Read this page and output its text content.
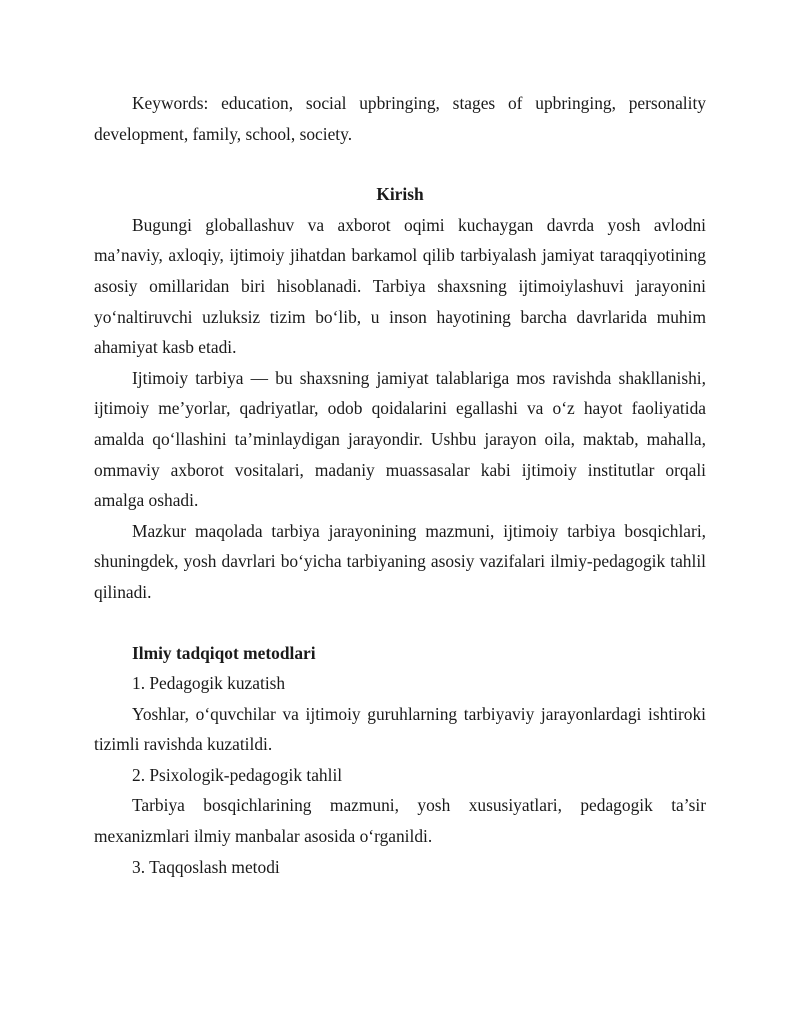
Keywords: education, social upbringing, stages of upbringing, personality development, family, school, society.

Kirish

Bugungi globallashuv va axborot oqimi kuchaygan davrda yosh avlodni ma’naviy, axloqiy, ijtimoiy jihatdan barkamol qilib tarbiyalash jamiyat taraqqiyotining asosiy omillaridan biri hisoblanadi. Tarbiya shaxsning ijtimoiylashuvi jarayonini yo‘naltiruvchi uzluksiz tizim bo‘lib, u inson hayotining barcha davrlarida muhim ahamiyat kasb etadi.

Ijtimoiy tarbiya — bu shaxsning jamiyat talablariga mos ravishda shakllanishi, ijtimoiy me’yorlar, qadriyatlar, odob qoidalarini egallashi va o‘z hayot faoliyatida amalda qo‘llashini ta’minlaydigan jarayondir. Ushbu jarayon oila, maktab, mahalla, ommaviy axborot vositalari, madaniy muassasalar kabi ijtimoiy institutlar orqali amalga oshadi.

Mazkur maqolada tarbiya jarayonining mazmuni, ijtimoiy tarbiya bosqichlari, shuningdek, yosh davrlari bo‘yicha tarbiyaning asosiy vazifalari ilmiy-pedagogik tahlil qilinadi.

Ilmiy tadqiqot metodlari

1. Pedagogik kuzatish

Yoshlar, o‘quvchilar va ijtimoiy guruhlarning tarbiyaviy jarayonlardagi ishtiroki tizimli ravishda kuzatildi.

2. Psixologik-pedagogik tahlil

Tarbiya bosqichlarining mazmuni, yosh xususiyatlari, pedagogik ta’sir mexanizmlari ilmiy manbalar asosida o‘rganildi.

3. Taqqoslash metodi
